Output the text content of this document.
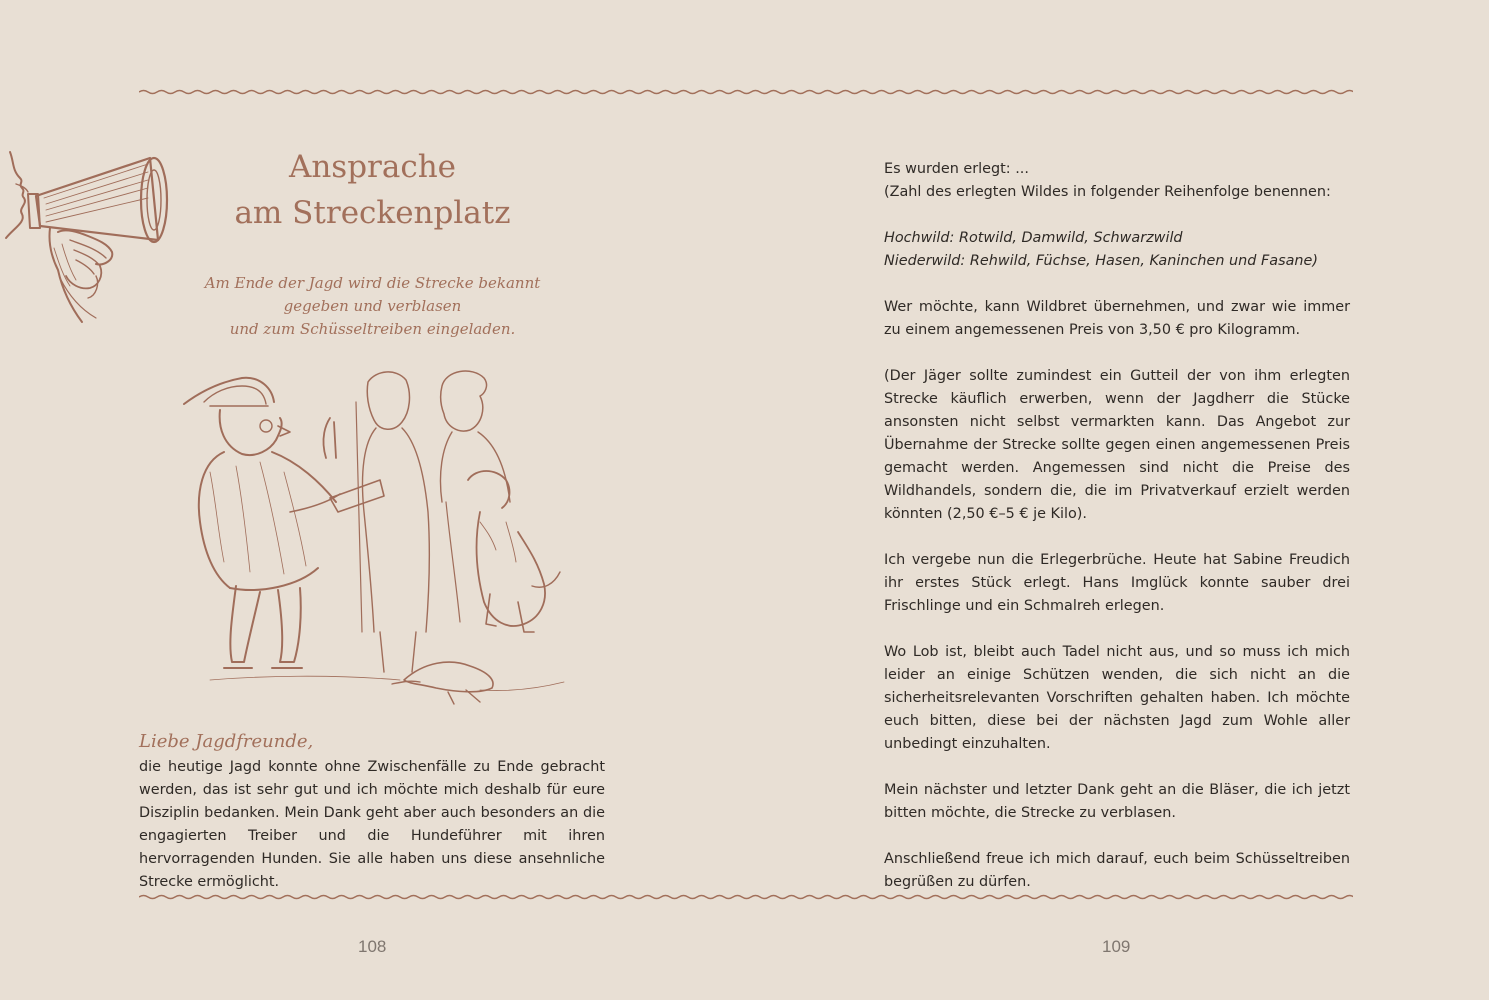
Ansprache
am Streckenplatz
Am Ende der Jagd wird die Strecke bekannt
gegeben und verblasen
und zum Schüsseltreiben eingeladen.
Liebe Jagdfreunde,
die heutige Jagd konnte ohne Zwischenfälle zu Ende gebracht werden, das ist sehr gut und ich möchte mich deshalb für eure Disziplin bedanken. Mein Dank geht aber auch besonders an die engagierten Treiber und die Hundeführer mit ihren hervorragenden Hunden. Sie alle haben uns diese ansehnliche Strecke ermöglicht.
108
Es wurden erlegt: ...
(Zahl des erlegten Wildes in folgender Reihenfolge benennen:
Hochwild: Rotwild, Damwild, Schwarzwild
Niederwild: Rehwild, Füchse, Hasen, Kaninchen und Fasane)

Wer möchte, kann Wildbret übernehmen, und zwar wie immer zu einem angemessenen Preis von 3,50 € pro Kilogramm.

(Der Jäger sollte zumindest ein Gutteil der von ihm erlegten Strecke käuflich erwerben, wenn der Jagdherr die Stücke ansonsten nicht selbst vermarkten kann. Das Angebot zur Übernahme der Strecke sollte gegen einen angemessenen Preis gemacht werden. Angemessen sind nicht die Preise des Wildhandels, sondern die, die im Privatverkauf erzielt werden könnten (2,50 €–5 € je Kilo).

Ich vergebe nun die Erlegerbrüche. Heute hat Sabine Freudich ihr erstes Stück erlegt. Hans Imglück konnte sauber drei Frischlinge und ein Schmalreh erlegen.

Wo Lob ist, bleibt auch Tadel nicht aus, und so muss ich mich leider an einige Schützen wenden, die sich nicht an die sicherheitsrelevanten Vorschriften gehalten haben. Ich möchte euch bitten, diese bei der nächsten Jagd zum Wohle aller unbedingt einzuhalten.

Mein nächster und letzter Dank geht an die Bläser, die ich jetzt bitten möchte, die Strecke zu verblasen.

Anschließend freue ich mich darauf, euch beim Schüsseltreiben begrüßen zu dürfen.

109
